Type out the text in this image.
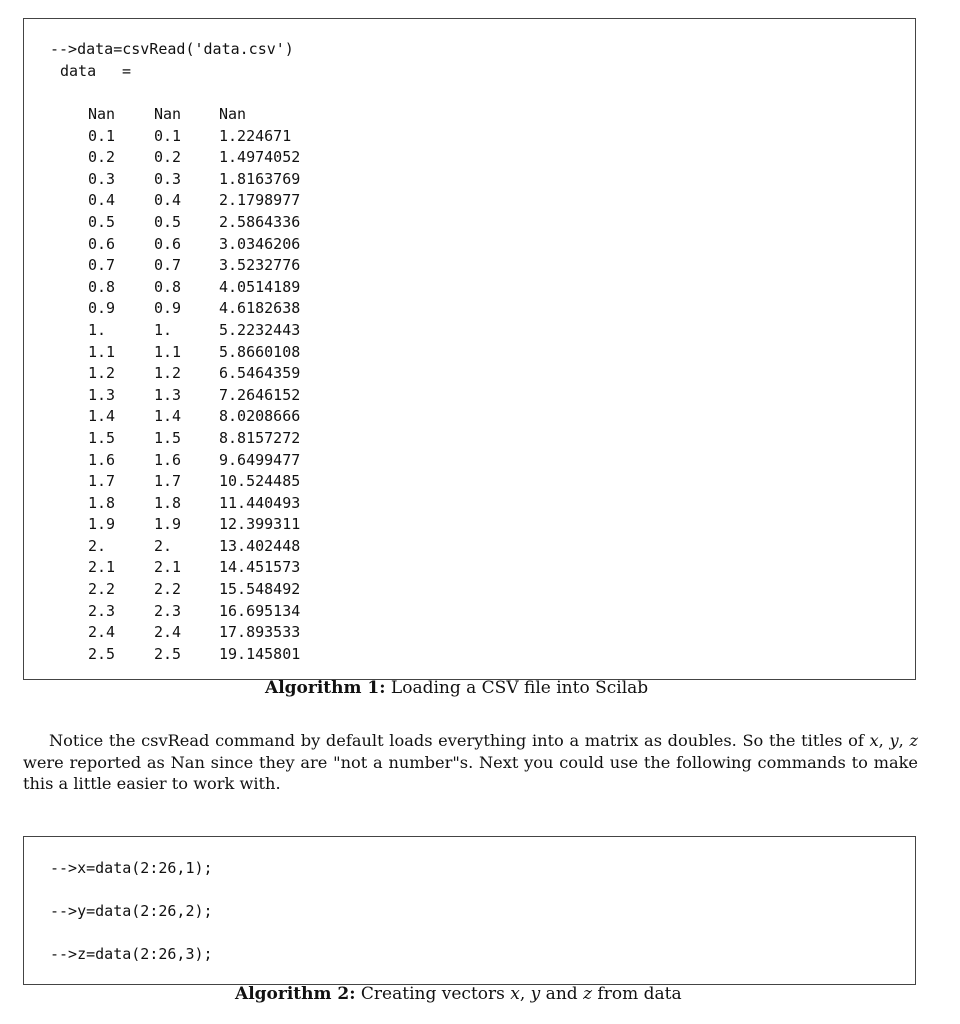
-->data=csvRead('data.csv')
data =
Nan	Nan	Nan
0.1	0.1	1.224671
0.2	0.2	1.4974052
0.3	0.3	1.8163769
0.4	0.4	2.1798977
0.5	0.5	2.5864336
0.6	0.6	3.0346206
0.7	0.7	3.5232776
0.8	0.8	4.0514189
0.9	0.9	4.6182638
1.	1.	5.2232443
1.1	1.1	5.8660108
1.2	1.2	6.5464359
1.3	1.3	7.2646152
1.4	1.4	8.0208666
1.5	1.5	8.8157272
1.6	1.6	9.6499477
1.7	1.7	10.524485
1.8	1.8	11.440493
1.9	1.9	12.399311
2.	2.	13.402448
2.1	2.1	14.451573
2.2	2.2	15.548492
2.3	2.3	16.695134
2.4	2.4	17.893533
2.5	2.5	19.145801
Algorithm 1: Loading a CSV file into Scilab
Notice the csvRead command by default loads everything into a matrix as doubles. So the titles of x, y, z were reported as Nan since they are "not a number"s. Next you could use the following commands to make this a little easier to work with.
-->x=data(2:26,1);
-->y=data(2:26,2);
-->z=data(2:26,3);
Algorithm 2: Creating vectors x, y and z from data
